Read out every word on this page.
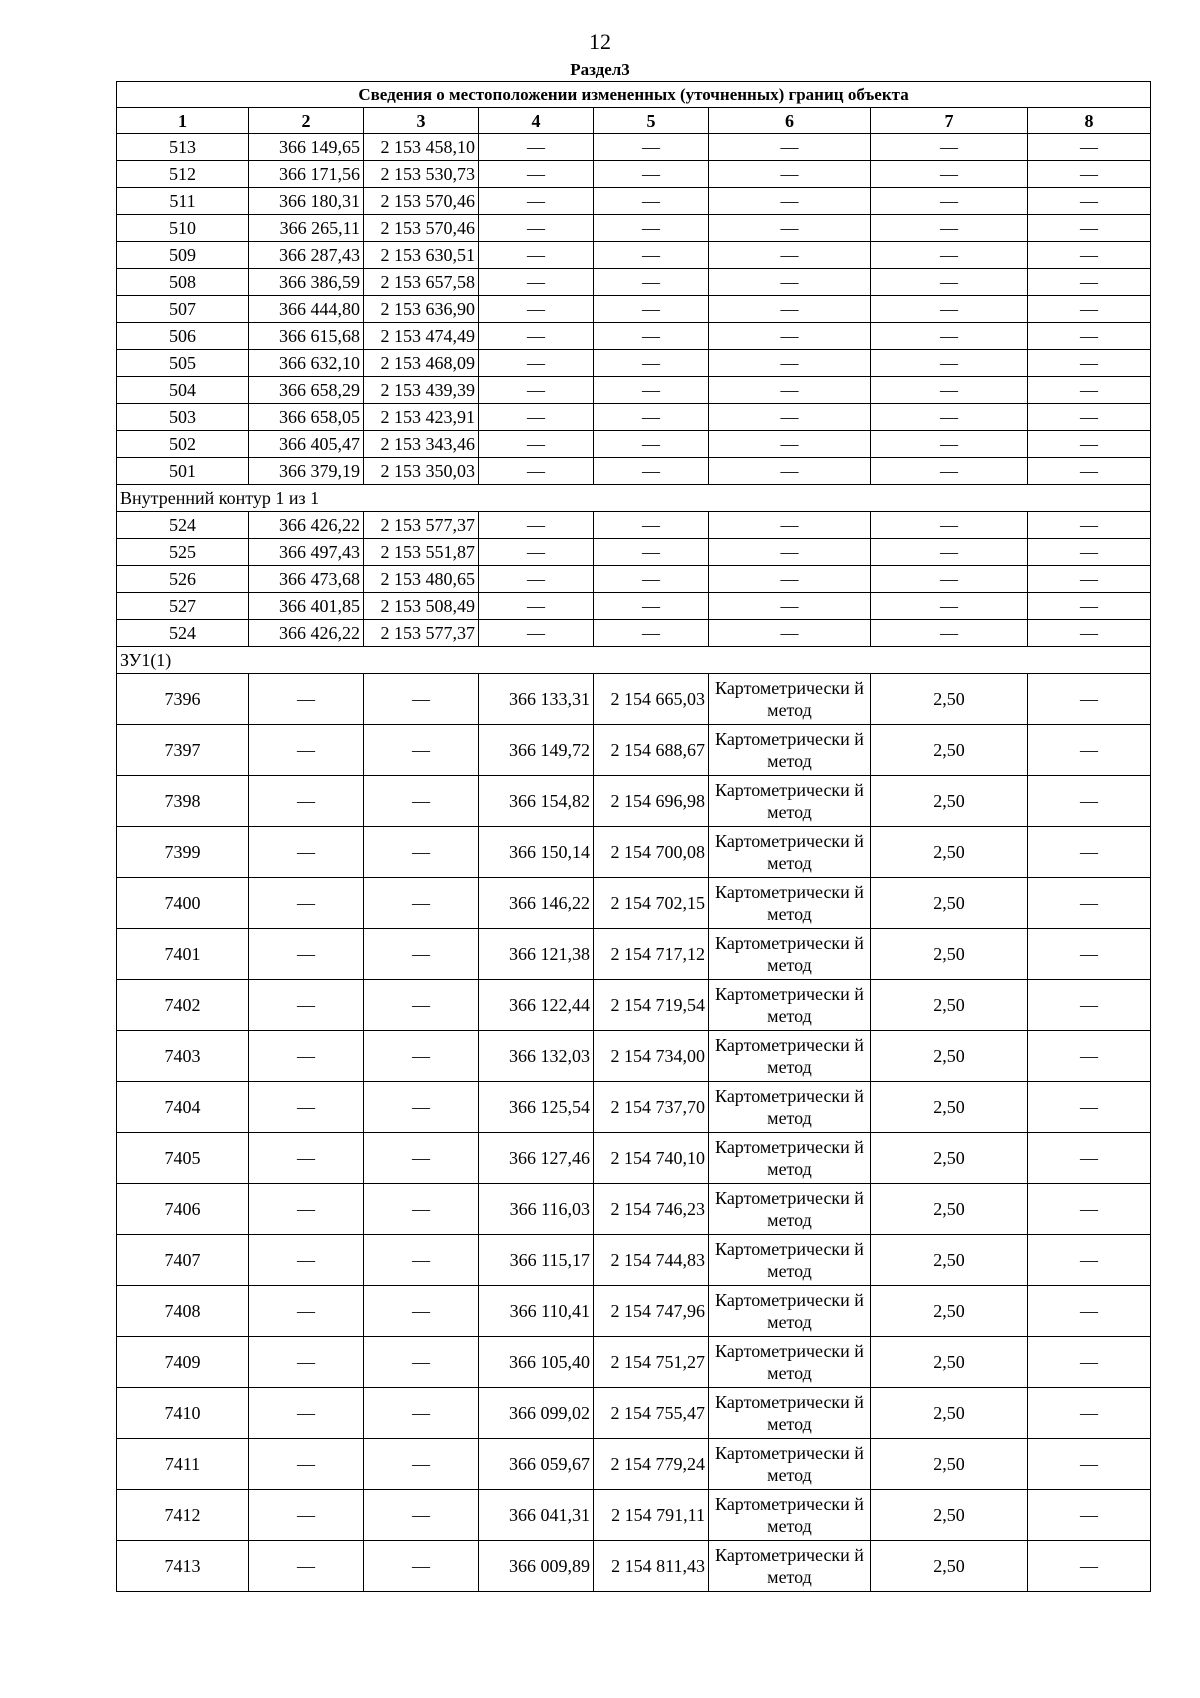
12
Раздел3
Сведения о местоположении измененных (уточненных) границ объекта							
1	2	3	4	5	6	7	8
513	366 149,65	2 153 458,10	—	—	—	—	—
512	366 171,56	2 153 530,73	—	—	—	—	—
511	366 180,31	2 153 570,46	—	—	—	—	—
510	366 265,11	2 153 570,46	—	—	—	—	—
509	366 287,43	2 153 630,51	—	—	—	—	—
508	366 386,59	2 153 657,58	—	—	—	—	—
507	366 444,80	2 153 636,90	—	—	—	—	—
506	366 615,68	2 153 474,49	—	—	—	—	—
505	366 632,10	2 153 468,09	—	—	—	—	—
504	366 658,29	2 153 439,39	—	—	—	—	—
503	366 658,05	2 153 423,91	—	—	—	—	—
502	366 405,47	2 153 343,46	—	—	—	—	—
501	366 379,19	2 153 350,03	—	—	—	—	—
Внутренний контур 1 из 1							
524	366 426,22	2 153 577,37	—	—	—	—	—
525	366 497,43	2 153 551,87	—	—	—	—	—
526	366 473,68	2 153 480,65	—	—	—	—	—
527	366 401,85	2 153 508,49	—	—	—	—	—
524	366 426,22	2 153 577,37	—	—	—	—	—
ЗУ1(1)							
7396	—	—	366 133,31	2 154 665,03	Картометрически й метод	2,50	—
7397	—	—	366 149,72	2 154 688,67	Картометрически й метод	2,50	—
7398	—	—	366 154,82	2 154 696,98	Картометрически й метод	2,50	—
7399	—	—	366 150,14	2 154 700,08	Картометрически й метод	2,50	—
7400	—	—	366 146,22	2 154 702,15	Картометрически й метод	2,50	—
7401	—	—	366 121,38	2 154 717,12	Картометрически й метод	2,50	—
7402	—	—	366 122,44	2 154 719,54	Картометрически й метод	2,50	—
7403	—	—	366 132,03	2 154 734,00	Картометрически й метод	2,50	—
7404	—	—	366 125,54	2 154 737,70	Картометрически й метод	2,50	—
7405	—	—	366 127,46	2 154 740,10	Картометрически й метод	2,50	—
7406	—	—	366 116,03	2 154 746,23	Картометрически й метод	2,50	—
7407	—	—	366 115,17	2 154 744,83	Картометрически й метод	2,50	—
7408	—	—	366 110,41	2 154 747,96	Картометрически й метод	2,50	—
7409	—	—	366 105,40	2 154 751,27	Картометрически й метод	2,50	—
7410	—	—	366 099,02	2 154 755,47	Картометрически й метод	2,50	—
7411	—	—	366 059,67	2 154 779,24	Картометрически й метод	2,50	—
7412	—	—	366 041,31	2 154 791,11	Картометрически й метод	2,50	—
7413	—	—	366 009,89	2 154 811,43	Картометрически й метод	2,50	—
